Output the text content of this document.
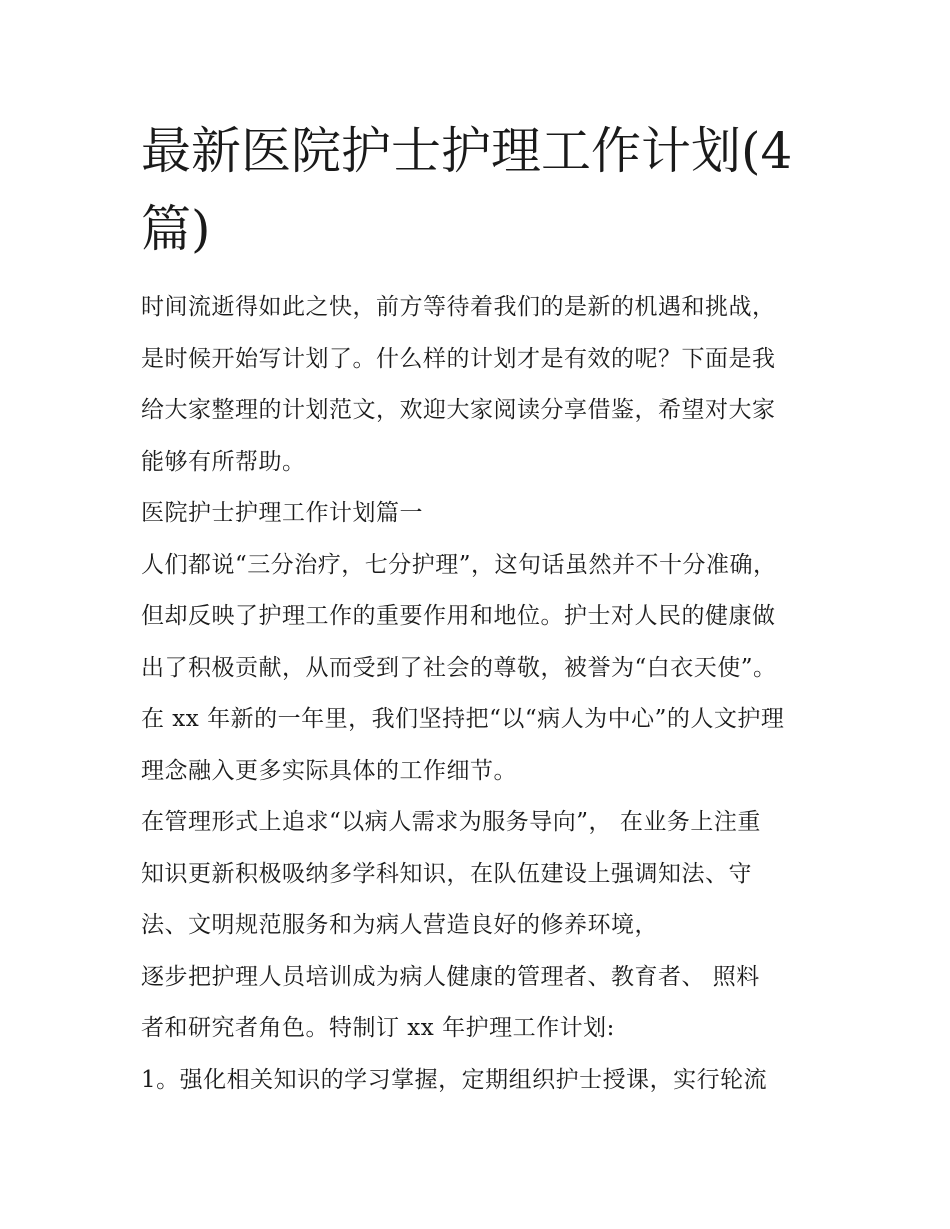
最新医院护士护理工作计划(4
篇)
时间流逝得如此之快，前方等待着我们的是新的机遇和挑战，
是时候开始写计划了。什么样的计划才是有效的呢？下面是我
给大家整理的计划范文，欢迎大家阅读分享借鉴，希望对大家
能够有所帮助。
医院护士护理工作计划篇一
人们都说“三分治疗，七分护理”，这句话虽然并不十分准确，
但却反映了护理工作的重要作用和地位。护士对人民的健康做
出了积极贡献，从而受到了社会的尊敬，被誉为“白衣天使”。
在 xx 年新的一年里，我们坚持把“以“病人为中心”的人文护理
理念融入更多实际具体的工作细节。
在管理形式上追求“以病人需求为服务导向”， 在业务上注重
知识更新积极吸纳多学科知识，在队伍建设上强调知法、守
法、文明规范服务和为病人营造良好的修养环境，
逐步把护理人员培训成为病人健康的管理者、教育者、 照料
者和研究者角色。特制订 xx 年护理工作计划:
1。强化相关知识的学习掌握，定期组织护士授课，实行轮流
